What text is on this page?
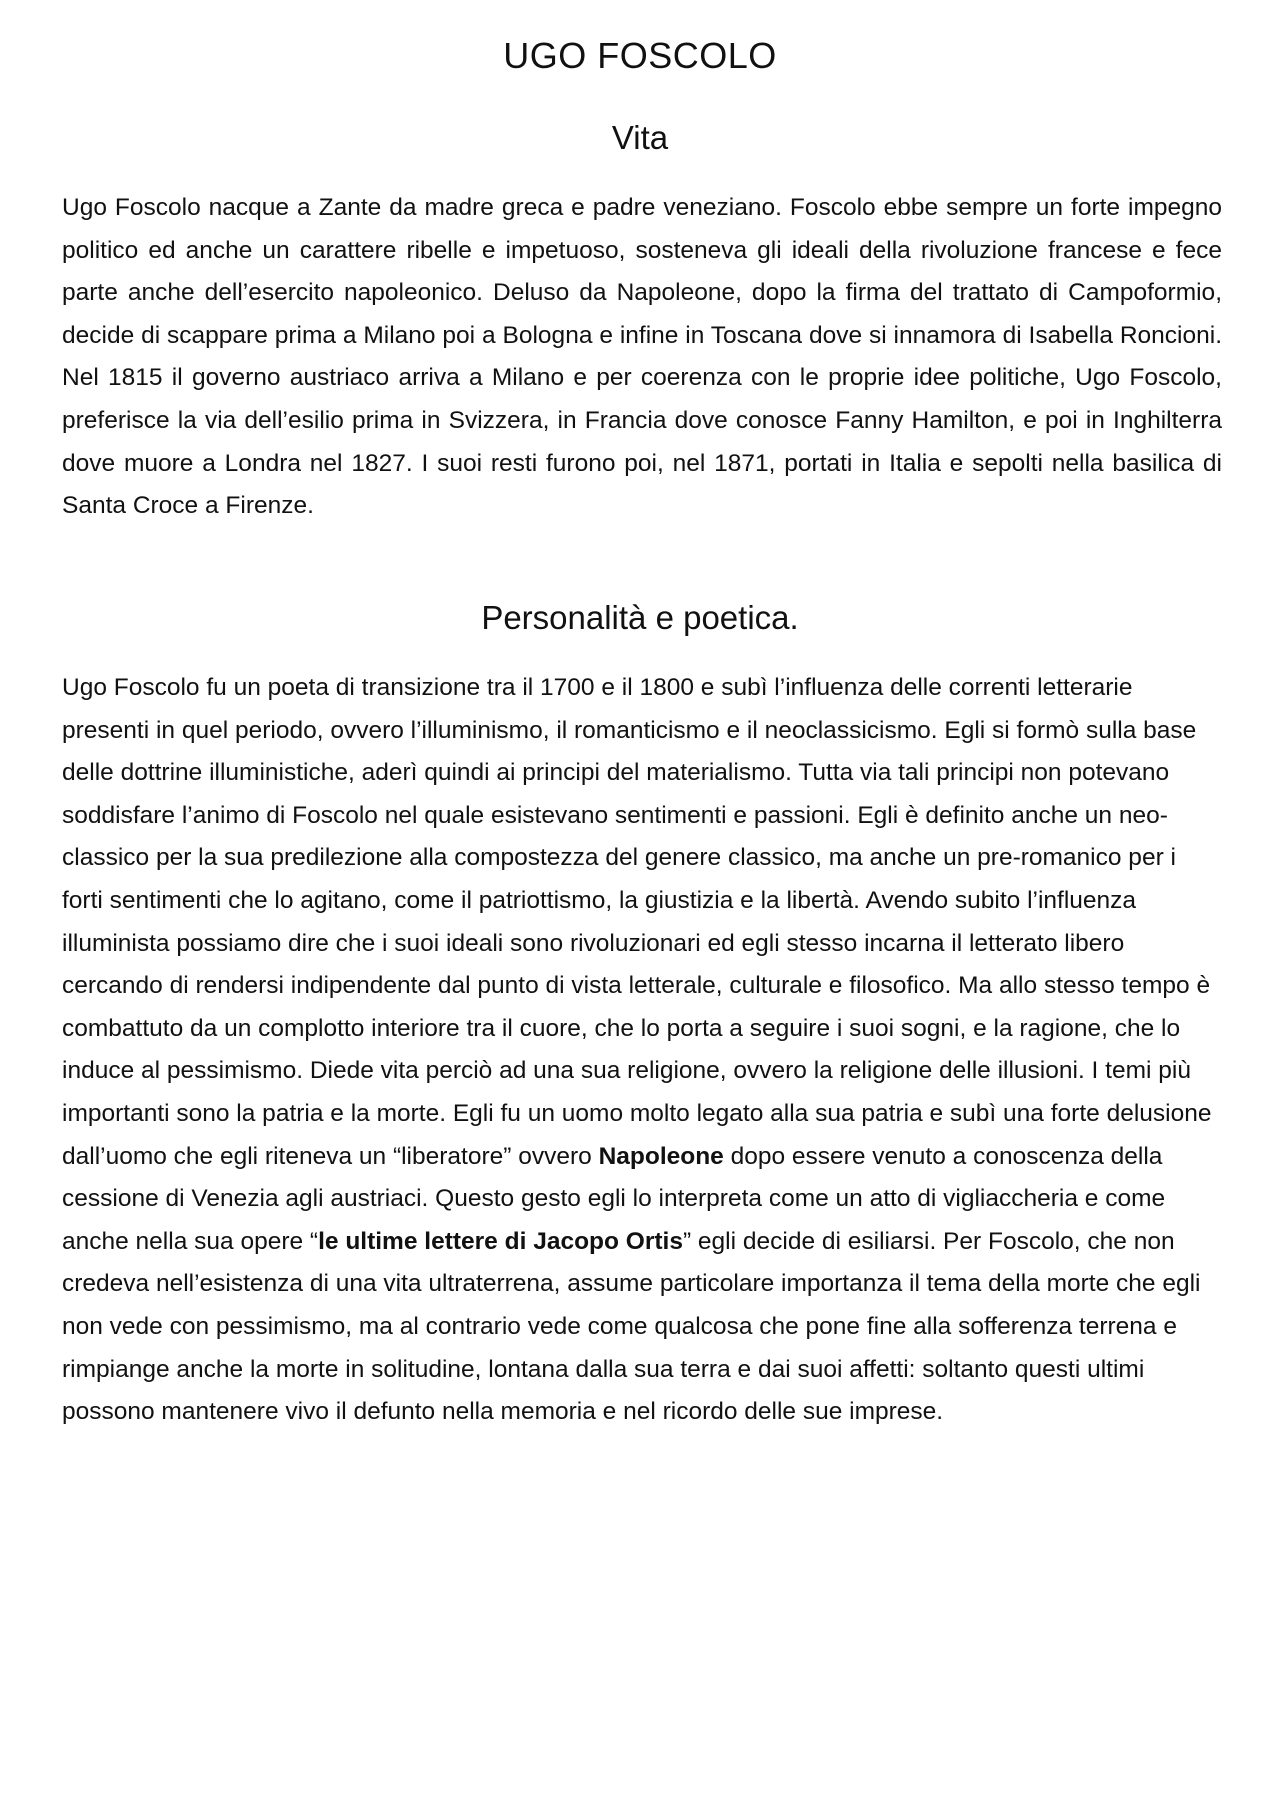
UGO FOSCOLO
Vita

Ugo Foscolo nacque a Zante da madre greca e padre veneziano. Foscolo ebbe sempre un forte impegno politico ed anche un carattere ribelle e impetuoso, sosteneva gli ideali della rivoluzione francese e fece parte anche dell’esercito napoleonico. Deluso da Napoleone, dopo la firma del trattato di Campoformio, decide di scappare prima a Milano poi a Bologna e infine in Toscana dove si innamora di Isabella Roncioni. Nel 1815 il governo austriaco arriva a Milano e per coerenza con le proprie idee politiche, Ugo Foscolo, preferisce la via dell’esilio prima in Svizzera, in Francia dove conosce Fanny Hamilton, e poi in Inghilterra dove muore a Londra nel 1827. I suoi resti furono poi, nel 1871, portati in Italia e sepolti nella basilica di Santa Croce a Firenze.

Personalità e poetica.

Ugo Foscolo fu un poeta di transizione tra il 1700 e il 1800 e subì l’influenza delle correnti letterarie presenti in quel periodo, ovvero l’illuminismo, il romanticismo e il neoclassicismo. Egli si formò sulla base delle dottrine illuministiche, aderì quindi ai principi del materialismo. Tutta via tali principi non potevano soddisfare l’animo di Foscolo nel quale esistevano sentimenti e passioni. Egli è definito anche un neo-classico per la sua predilezione alla compostezza del genere classico, ma anche un pre-romanico per i forti sentimenti che lo agitano, come il patriottismo, la giustizia e la libertà. Avendo subito l’influenza illuminista possiamo dire che i suoi ideali sono rivoluzionari ed egli stesso incarna il letterato libero cercando di rendersi indipendente dal punto di vista letterale, culturale e filosofico. Ma allo stesso tempo è combattuto da un complotto interiore tra il cuore, che lo porta a seguire i suoi sogni, e la ragione, che lo induce al pessimismo. Diede vita perciò ad una sua religione, ovvero la religione delle illusioni. I temi più importanti sono la patria e la morte. Egli fu un uomo molto legato alla sua patria e subì una forte delusione dall’uomo che egli riteneva un “liberatore” ovvero Napoleone dopo essere venuto a conoscenza della cessione di Venezia agli austriaci. Questo gesto egli lo interpreta come un atto di vigliaccheria e come anche nella sua opere “le ultime lettere di Jacopo Ortis” egli decide di esiliarsi. Per Foscolo, che non credeva nell’esistenza di una vita ultraterrena, assume particolare importanza il tema della morte che egli non vede con pessimismo, ma al contrario vede come qualcosa che pone fine alla sofferenza terrena e rimpiange anche la morte in solitudine, lontana dalla sua terra e dai suoi affetti: soltanto questi ultimi possono mantenere vivo il defunto nella memoria e nel ricordo delle sue imprese.
